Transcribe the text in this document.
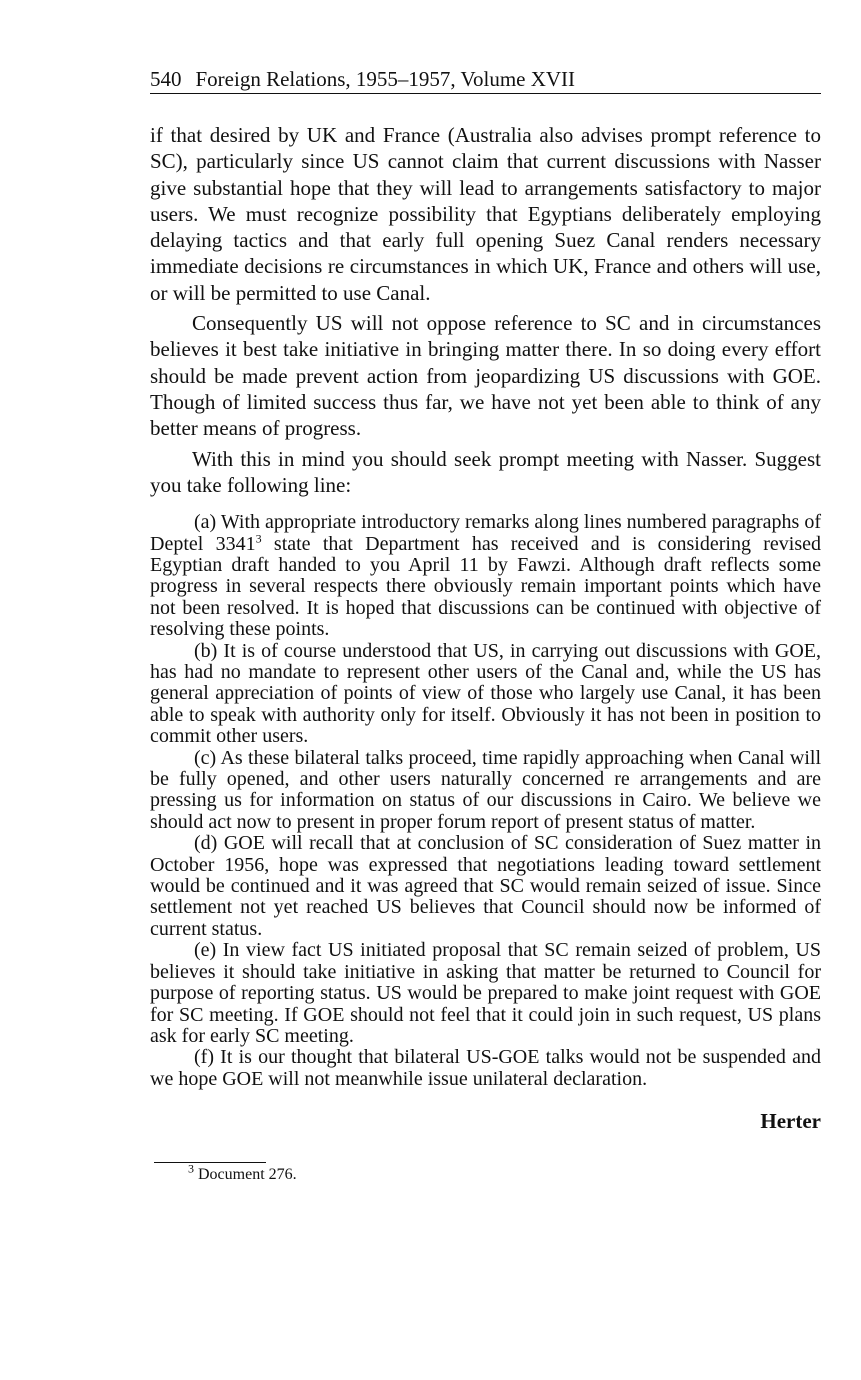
540 Foreign Relations, 1955–1957, Volume XVII

if that desired by UK and France (Australia also advises prompt reference to SC), particularly since US cannot claim that current discussions with Nasser give substantial hope that they will lead to arrangements satisfactory to major users. We must recognize possibility that Egyptians deliberately employing delaying tactics and that early full opening Suez Canal renders necessary immediate decisions re circumstances in which UK, France and others will use, or will be permitted to use Canal.

Consequently US will not oppose reference to SC and in circumstances believes it best take initiative in bringing matter there. In so doing every effort should be made prevent action from jeopardizing US discussions with GOE. Though of limited success thus far, we have not yet been able to think of any better means of progress.

With this in mind you should seek prompt meeting with Nasser. Suggest you take following line:

(a) With appropriate introductory remarks along lines numbered paragraphs of Deptel 3341$^3$ state that Department has received and is considering revised Egyptian draft handed to you April 11 by Fawzi. Although draft reflects some progress in several respects there obviously remain important points which have not been resolved. It is hoped that discussions can be continued with objective of resolving these points.

(b) It is of course understood that US, in carrying out discussions with GOE, has had no mandate to represent other users of the Canal and, while the US has general appreciation of points of view of those who largely use Canal, it has been able to speak with authority only for itself. Obviously it has not been in position to commit other users.

(c) As these bilateral talks proceed, time rapidly approaching when Canal will be fully opened, and other users naturally concerned re arrangements and are pressing us for information on status of our discussions in Cairo. We believe we should act now to present in proper forum report of present status of matter.

(d) GOE will recall that at conclusion of SC consideration of Suez matter in October 1956, hope was expressed that negotiations leading toward settlement would be continued and it was agreed that SC would remain seized of issue. Since settlement not yet reached US believes that Council should now be informed of current status.

(e) In view fact US initiated proposal that SC remain seized of problem, US believes it should take initiative in asking that matter be returned to Council for purpose of reporting status. US would be prepared to make joint request with GOE for SC meeting. If GOE should not feel that it could join in such request, US plans ask for early SC meeting.

(f) It is our thought that bilateral US-GOE talks would not be suspended and we hope GOE will not meanwhile issue unilateral declaration.

Herter
$^3$ Document 276.
